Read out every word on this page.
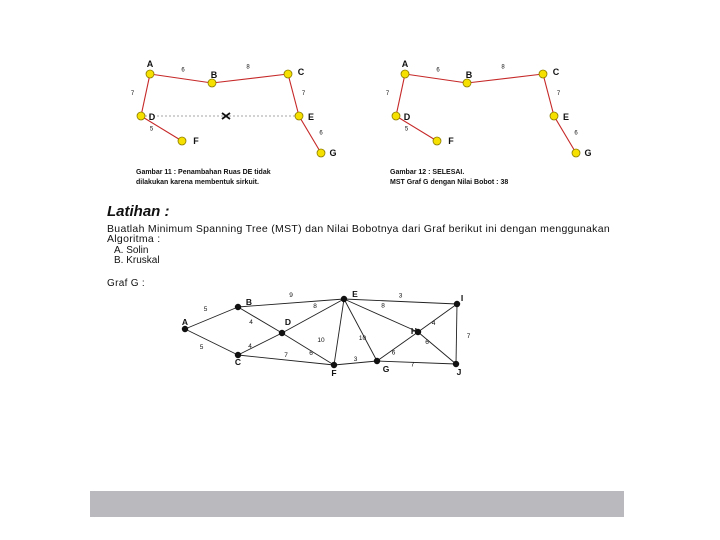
6	8
7	7
5
6
A
B	C
D	E
F
G
Gambar 11 : Penambahan Ruas DE tidak
dilakukan karena membentuk sirkuit.
6	8
7	7
5
6
A
B	C
D	E
F
G
Gambar 12 : SELESAI.
MST Graf G dengan Nilai Bobot : 38
Latihan :
Buatlah Minimum Spanning Tree (MST) dan Nilai Bobotnya dari Graf berikut ini dengan menggunakan Algoritma :
A. Solin
B. Kruskal
Graf G :
5
5
9
4
4
7
8
6
10	10
3
8
3
6
7
4
6
7
A
B
C
D
E
F	G
H
I
J
